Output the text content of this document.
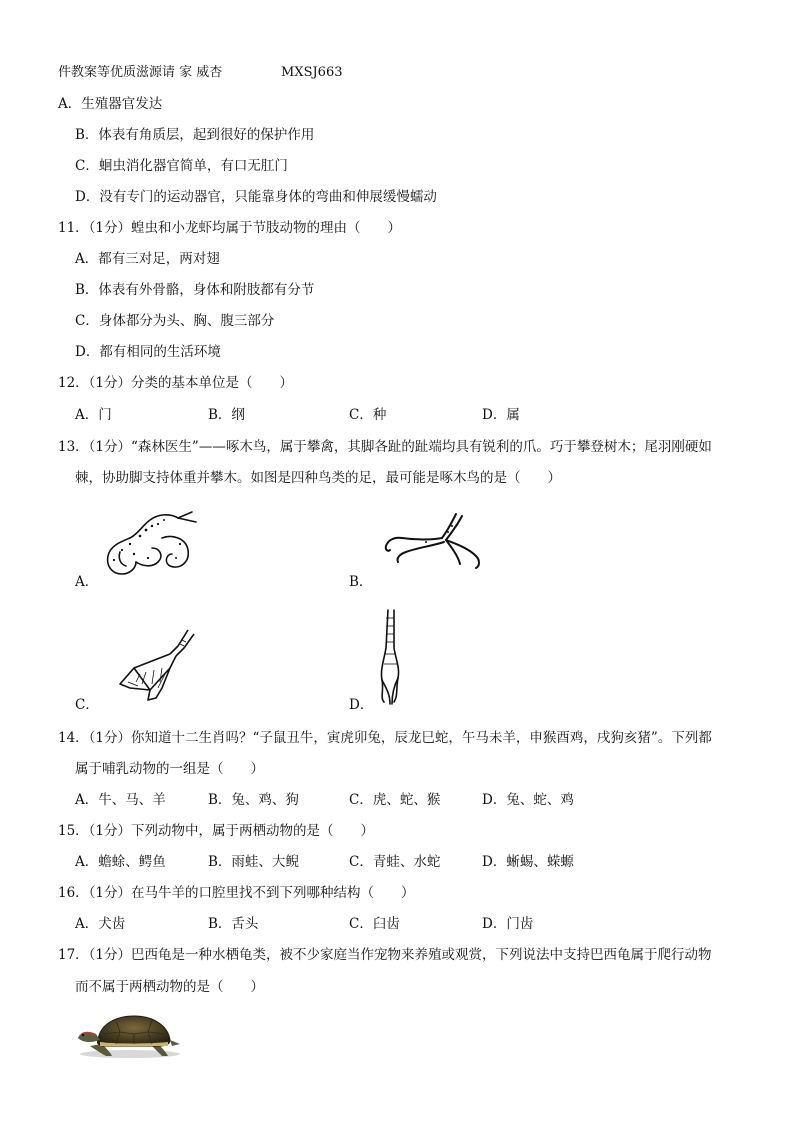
件教案等优质滋源请 家 威杏	MXSJ663
A．生殖器官发达
B．体表有角质层，起到很好的保护作用
C．蛔虫消化器官简单，有口无肛门
D．没有专门的运动器官，只能靠身体的弯曲和伸展缓慢蠕动
11．（1分）蝗虫和小龙虾均属于节肢动物的理由（　　）
A．都有三对足，两对翅
B．体表有外骨骼，身体和附肢都有分节
C．身体都分为头、胸、腹三部分
D．都有相同的生活环境
12．（1分）分类的基本单位是（　　）
A．门	B．纲	C．种	D．属
13．（1分）“森林医生”——啄木鸟，属于攀禽，其脚各趾的趾端均具有锐利的爪。巧于攀登树木；尾羽刚硬如
棘，协助脚支持体重并攀木。如图是四种鸟类的足，最可能是啄木鸟的是（　　）
A．	B．
C．	D．
14．（1分）你知道十二生肖吗？“子鼠丑牛，寅虎卯兔，辰龙巳蛇，午马未羊，申猴酉鸡，戌狗亥猪”。下列都
属于哺乳动物的一组是（　　）
A．牛、马、羊	B．兔、鸡、狗	C．虎、蛇、猴	D．兔、蛇、鸡
15．（1分）下列动物中，属于两栖动物的是（　　）
A．蟾蜍、鳄鱼	B．雨蛙、大鲵	C．青蛙、水蛇	D．蜥蜴、蝾螈
16．（1分）在马牛羊的口腔里找不到下列哪种结构（　　）
A．犬齿	B．舌头	C．臼齿	D．门齿
17．（1分）巴西龟是一种水栖龟类，被不少家庭当作宠物来养殖或观赏，下列说法中支持巴西龟属于爬行动物
而不属于两栖动物的是（　　）
